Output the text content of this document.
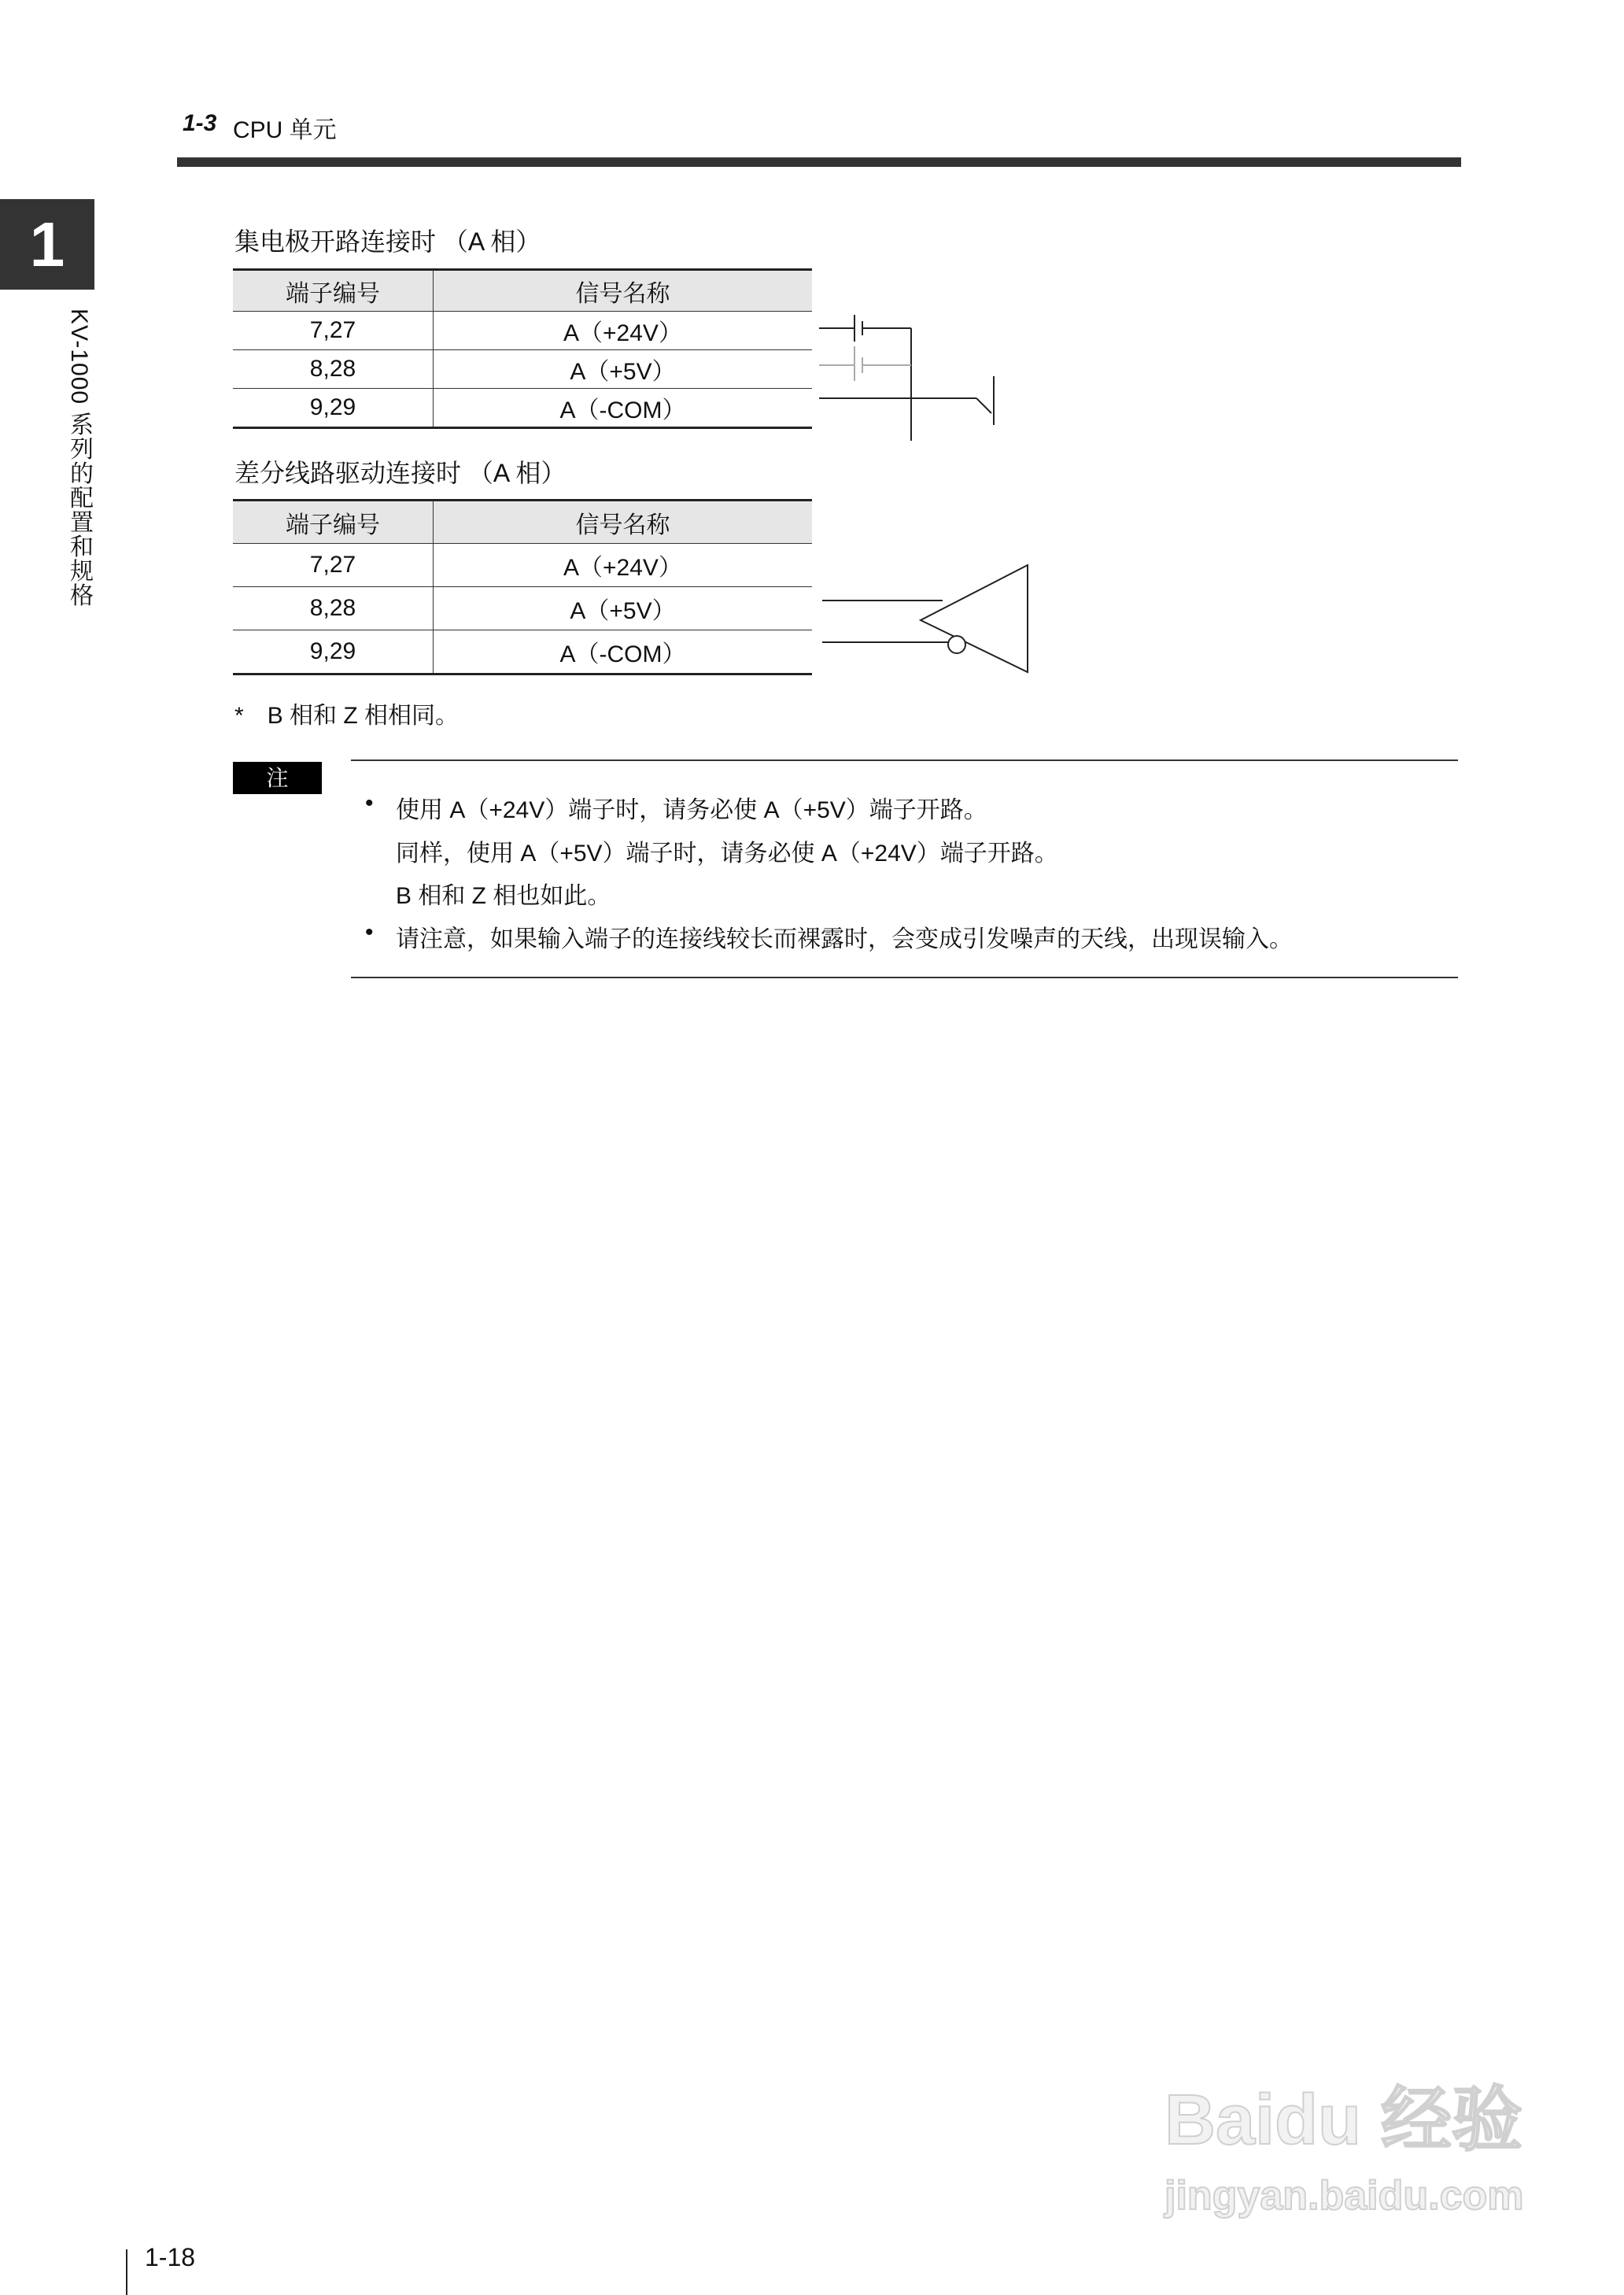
1-3 CPU 单元
1
KV-1000 系列的配置和规格
集电极开路连接时 （A 相）
端子编号	信号名称
7,27	A（+24V）
8,28	A（+5V）
9,29	A（-COM）
差分线路驱动连接时 （A 相）
端子编号	信号名称
7,27	A（+24V）
8,28	A（+5V）
9,29	A（-COM）
* B 相和 Z 相相同。
注
• 使用 A（+24V）端子时，请务必使 A（+5V）端子开路。
同样，使用 A（+5V）端子时，请务必使 A（+24V）端子开路。
B 相和 Z 相也如此。
• 请注意，如果输入端子的连接线较长而裸露时，会变成引发噪声的天线，出现误输入。
1-18
Baidu 经验
jingyan.baidu.com
